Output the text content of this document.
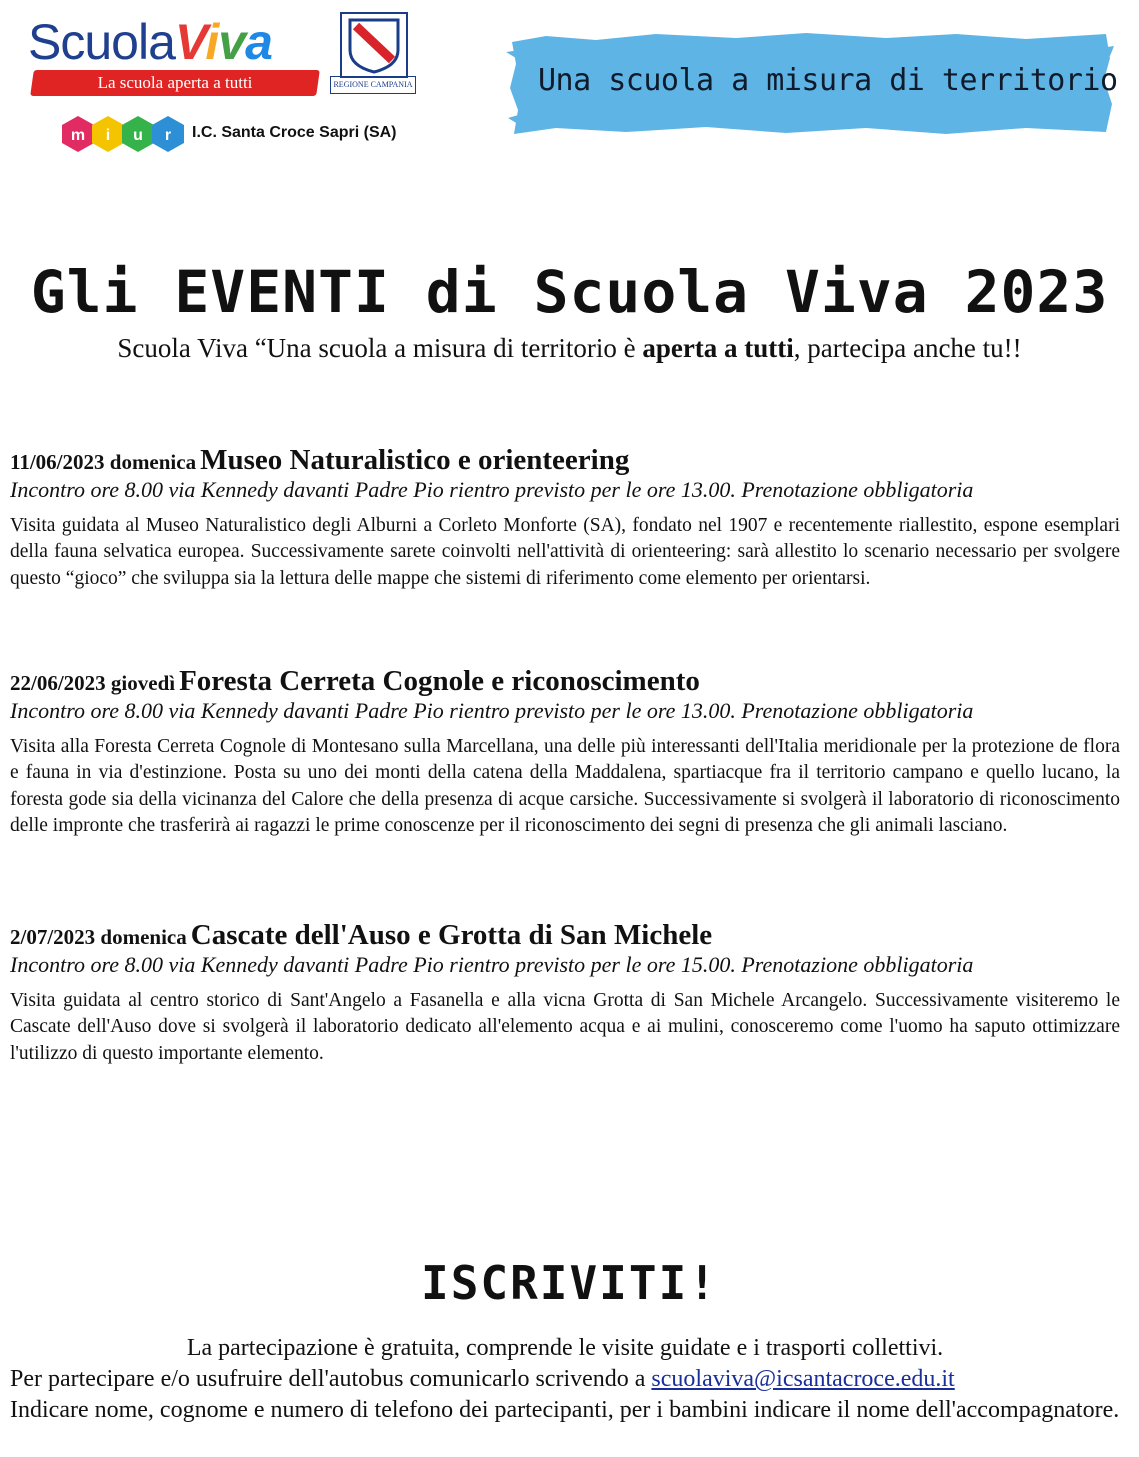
ScuolaViva
La scuola aperta a tutti	REGIONE CAMPANIA
m i u r I.C. Santa Croce Sapri (SA)
Una scuola a misura di territorio
Gli EVENTI di Scuola Viva 2023
Scuola Viva “Una scuola a misura di territorio è aperta a tutti, partecipa anche tu!!
11/06/2023 domenica Museo Naturalistico e orienteering
Incontro ore 8.00 via Kennedy davanti Padre Pio rientro previsto per le ore 13.00. Prenotazione obbligatoria
Visita guidata al Museo Naturalistico degli Alburni a Corleto Monforte (SA), fondato nel 1907 e recentemente riallestito, espone esemplari della fauna selvatica europea. Successivamente sarete coinvolti nell'attività di orienteering: sarà allestito lo scenario necessario per svolgere questo “gioco” che sviluppa sia la lettura delle mappe che sistemi di riferimento come elemento per orientarsi.
22/06/2023 giovedì Foresta Cerreta Cognole e riconoscimento
Incontro ore 8.00 via Kennedy davanti Padre Pio rientro previsto per le ore 13.00. Prenotazione obbligatoria
Visita alla Foresta Cerreta Cognole di Montesano sulla Marcellana, una delle più interessanti dell'Italia meridionale per la protezione de flora e fauna in via d'estinzione. Posta su uno dei monti della catena della Maddalena, spartiacque fra il territorio campano e quello lucano, la foresta gode sia della vicinanza del Calore che della presenza di acque carsiche. Successivamente si svolgerà il laboratorio di riconoscimento delle impronte che trasferirà ai ragazzi le prime conoscenze per il riconoscimento dei segni di presenza che gli animali lasciano.
2/07/2023 domenica Cascate dell'Auso e Grotta di San Michele
Incontro ore 8.00 via Kennedy davanti Padre Pio rientro previsto per le ore 15.00. Prenotazione obbligatoria
Visita guidata al centro storico di Sant'Angelo a Fasanella e alla vicna Grotta di San Michele Arcangelo. Successivamente visiteremo le Cascate dell'Auso dove si svolgerà il laboratorio dedicato all'elemento acqua e ai mulini, conosceremo come l'uomo ha saputo ottimizzare l'utilizzo di questo importante elemento.
ISCRIVITI!
La partecipazione è gratuita, comprende le visite guidate e i trasporti collettivi.
Per partecipare e/o usufruire dell'autobus comunicarlo scrivendo a scuolaviva@icsantacroce.edu.it
Indicare nome, cognome e numero di telefono dei partecipanti, per i bambini indicare il nome dell'accompagnatore.
